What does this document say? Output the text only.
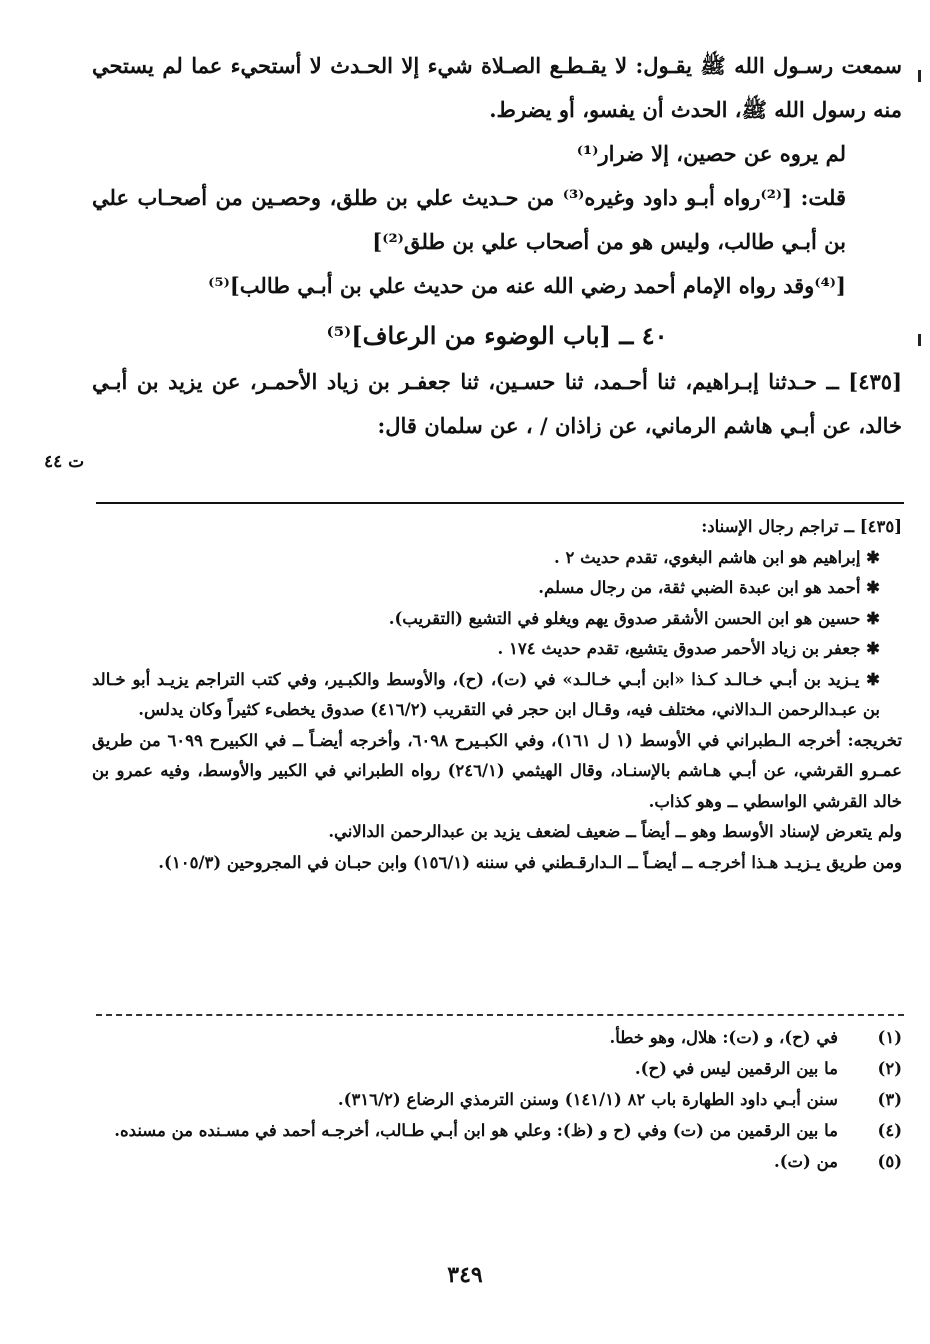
سمعت رسـول الله ﷺ يقـول: لا يقـطـع الصـلاة شيء إلا الحـدث لا أستحيء عما لم يستحي منه رسول الله ﷺ، الحدث أن يفسو، أو يضرط.

لم يروه عن حصين، إلا ضرار⁽¹⁾

قلت: [⁽²⁾رواه أبـو داود وغيره⁽³⁾ من حـديث علي بن طلق، وحصـين من أصحـاب علي بن أبـي طالب، وليس هو من أصحاب علي بن طلق⁽²⁾]

[⁽⁴⁾وقد رواه الإمام أحمد رضي الله عنه من حديث علي بن أبـي طالب]⁽⁵⁾

٤٠ ــ [باب الوضوء من الرعاف]⁽⁵⁾

[٤٣٥] ــ حـدثنا إبـراهيم، ثنا أحـمد، ثنا حسـين، ثنا جعفـر بن زياد الأحمـر، عن يزيد بن أبـي خالد، عن أبـي هاشم الرماني، عن زاذان / ، عن سلمان قال:

ت ٤٤
[٤٣٥] ــ تراجم رجال الإسناد:
✱ إبراهيم هو ابن هاشم البغوي، تقدم حديث ٢ .
✱ أحمد هو ابن عبدة الضبي ثقة، من رجال مسلم.
✱ حسين هو ابن الحسن الأشقر صدوق يهم ويغلو في التشيع (التقريب).
✱ جعفر بن زياد الأحمر صدوق يتشيع، تقدم حديث ١٧٤ .
✱ يـزيد بن أبـي خـالـد كـذا «ابن أبـي خـالـد» في (ت)، (ح)، والأوسط والكبـير، وفي كتب التراجم يزيـد أبو خـالد بن عبـدالرحمن الـدالاني، مختلف فيه، وقـال ابن حجر في التقريب (٤١٦/٢) صدوق يخطىء كثيراً وكان يدلس.
تخريجه: أخرجه الـطبراني في الأوسط (١ ل ١٦١)، وفي الكبـيرح ٦٠٩٨، وأخرجه أيضـاً ــ في الكبيرح ٦٠٩٩ من طريق عمـرو القرشي، عن أبـي هـاشم بالإسنـاد، وقال الهيثمي (٢٤٦/١) رواه الطبراني في الكبير والأوسط، وفيه عمرو بن خالد القرشي الواسطي ــ وهو كذاب.
ولم يتعرض لإسناد الأوسط وهو ــ أيضاً ــ ضعيف لضعف يزيد بن عبدالرحمن الدالاني.
ومن طريق يـزيـد هـذا أخرجـه ــ أيضـاً ــ الـدارقـطني في سننه (١٥٦/١) وابن حبـان في المجروحين (١٠٥/٣).
(١)
في (ح)، و (ت): هلال، وهو خطأ.
(٢)
ما بين الرقمين ليس في (ح).
(٣)
سنن أبـي داود الطهارة باب ٨٢ (١٤١/١) وسنن الترمذي الرضاع (٣١٦/٢).
(٤)
ما بين الرقمين من (ت) وفي (ح و (ظ): وعلي هو ابن أبـي طـالب، أخرجـه أحمد في مسـنده من مسنده.
(٥)
من (ت).
٣٤٩
